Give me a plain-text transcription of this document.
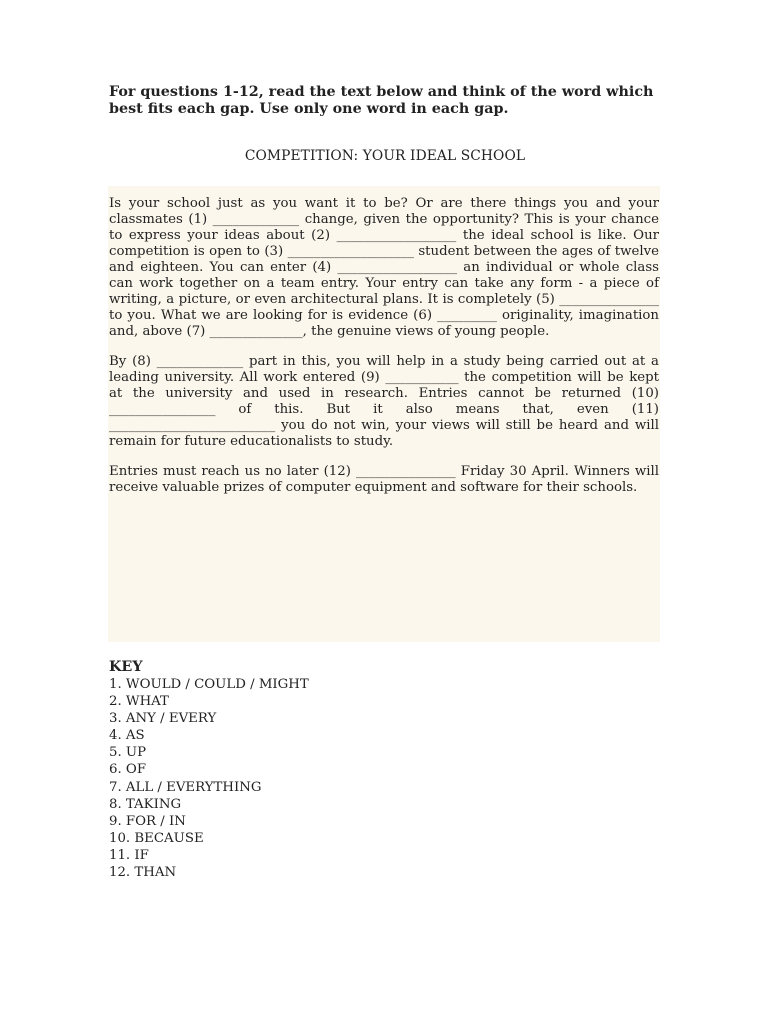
For questions 1-12, read the text below and think of the word which best fits each gap. Use only one word in each gap.

COMPETITION: YOUR IDEAL SCHOOL

Is your school just as you want it to be? Or are there things you and your classmates (1) _____________ change, given the opportunity? This is your chance to express your ideas about (2) __________________ the ideal school is like. Our competition is open to (3) ___________________ student between the ages of twelve and eighteen. You can enter (4) __________________ an individual or whole class can work together on a team entry. Your entry can take any form - a piece of writing, a picture, or even architectural plans. It is completely (5) _______________ to you. What we are looking for is evidence (6) _________ originality, imagination and, above (7) ______________, the genuine views of young people.

By (8) _____________ part in this, you will help in a study being carried out at a leading university. All work entered (9) ___________ the competition will be kept at the university and used in research. Entries cannot be returned (10) ________________ of this. But it also means that, even (11) _________________________ you do not win, your views will still be heard and will remain for future educationalists to study.

Entries must reach us no later (12) _______________ Friday 30 April. Winners will receive valuable prizes of computer equipment and software for their schools.

KEY
1. WOULD / COULD / MIGHT
2. WHAT
3. ANY / EVERY
4. AS
5. UP
6. OF
7. ALL / EVERYTHING
8. TAKING
9. FOR / IN
10. BECAUSE
11. IF
12. THAN
